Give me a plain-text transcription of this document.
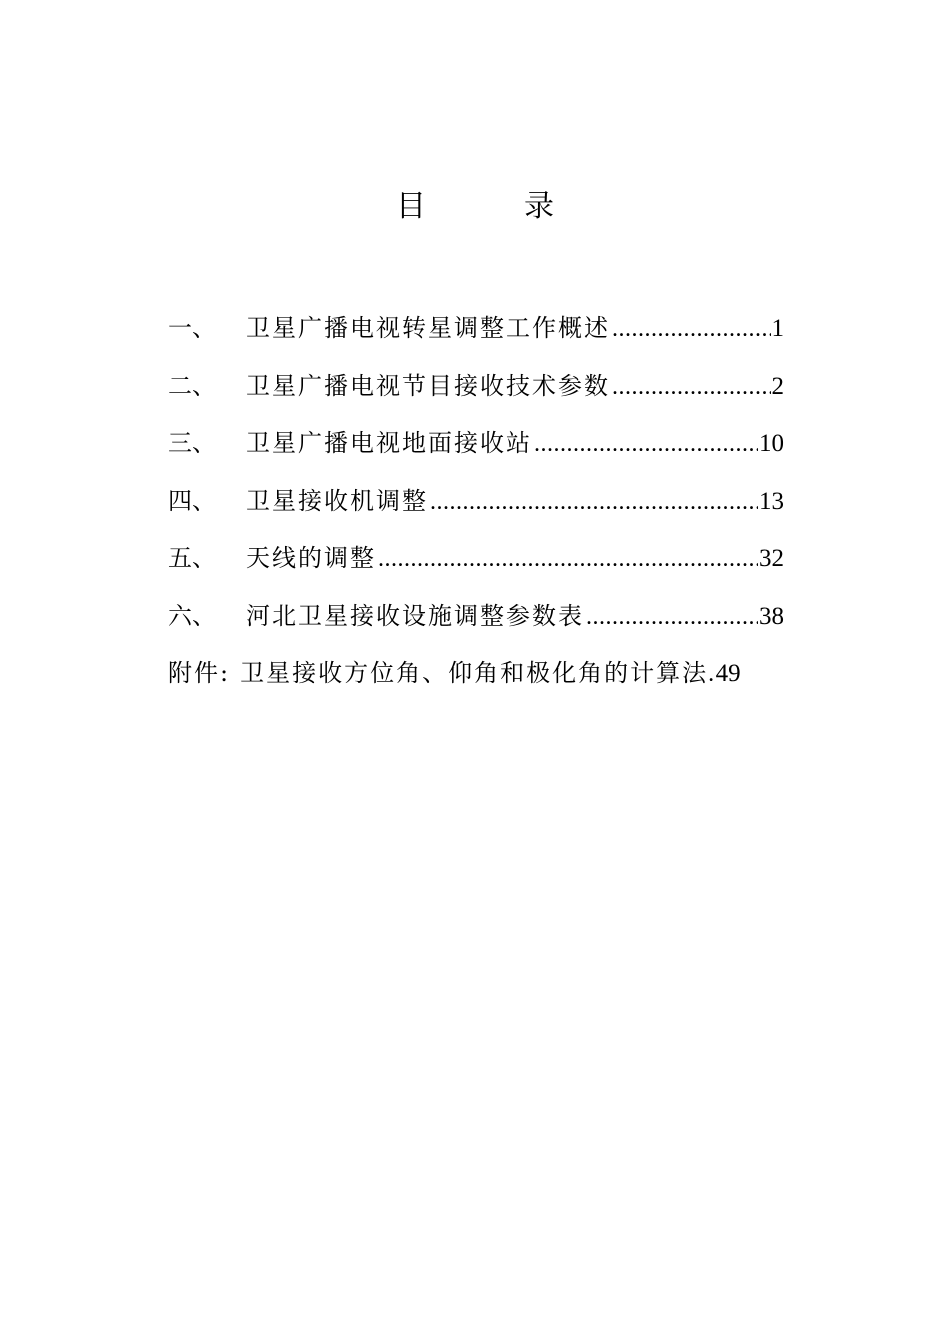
目　录
一、	卫星广播电视转星调整工作概述 .....	1
二、	卫星广播电视节目接收技术参数 .....	2
三、	卫星广播电视地面接收站 .....	10
四、	卫星接收机调整 .....	13
五、	天线的调整 .....	32
六、	河北卫星接收设施调整参数表 .....	38
附件: 卫星接收方位角、仰角和极化角的计算法 . 49
